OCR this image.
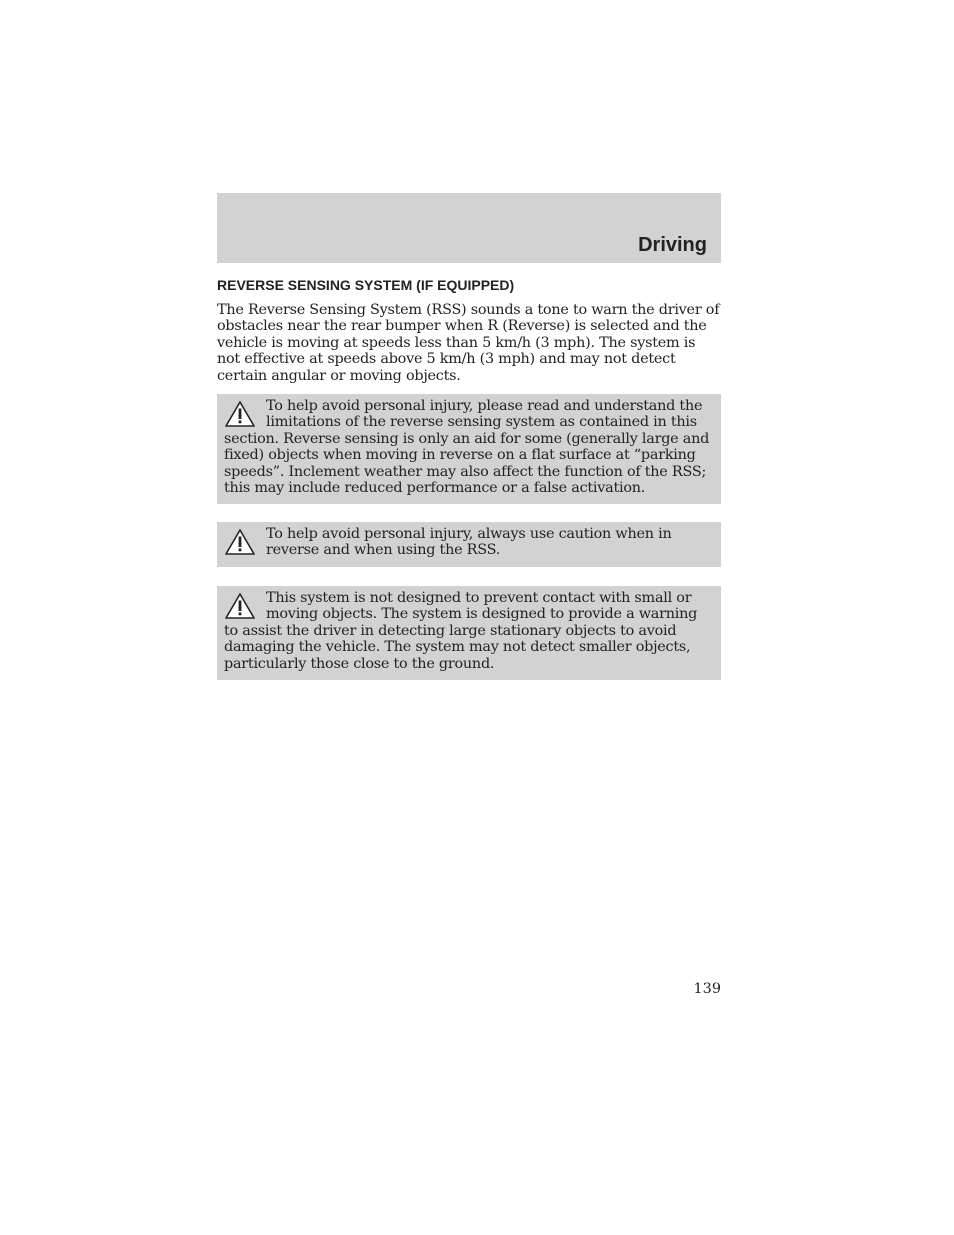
Driving
REVERSE SENSING SYSTEM (IF EQUIPPED)
The Reverse Sensing System (RSS) sounds a tone to warn the driver of obstacles near the rear bumper when R (Reverse) is selected and the vehicle is moving at speeds less than 5 km/h (3 mph). The system is not effective at speeds above 5 km/h (3 mph) and may not detect certain angular or moving objects.
To help avoid personal injury, please read and understand the limitations of the reverse sensing system as contained in this section. Reverse sensing is only an aid for some (generally large and fixed) objects when moving in reverse on a flat surface at “parking speeds”. Inclement weather may also affect the function of the RSS; this may include reduced performance or a false activation.
To help avoid personal injury, always use caution when in reverse and when using the RSS.
This system is not designed to prevent contact with small or moving objects. The system is designed to provide a warning to assist the driver in detecting large stationary objects to avoid damaging the vehicle. The system may not detect smaller objects, particularly those close to the ground.
139
